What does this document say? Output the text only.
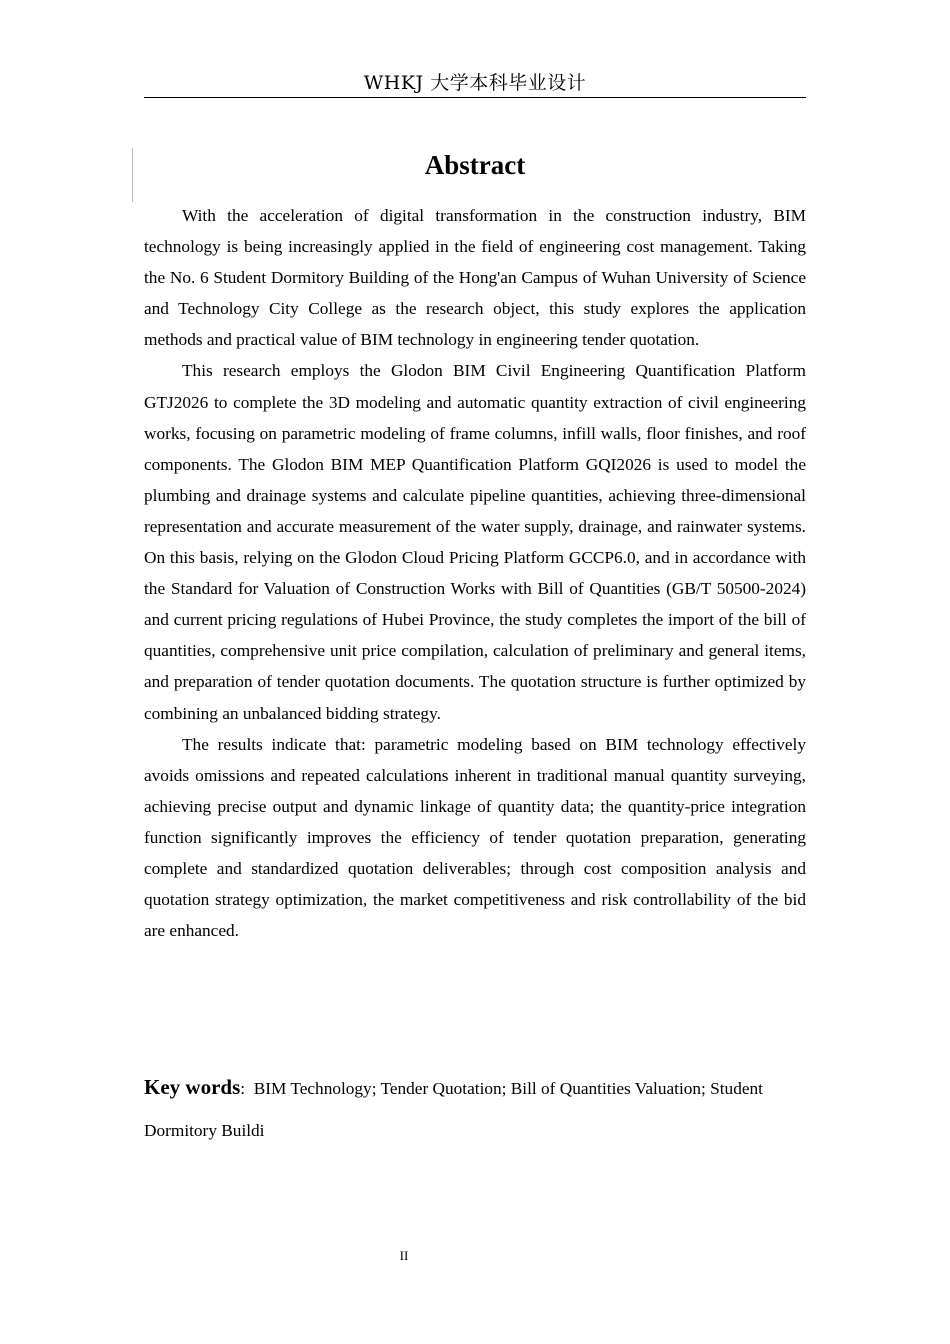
WHKJ 大学本科毕业设计
Abstract

With the acceleration of digital transformation in the construction industry, BIM technology is being increasingly applied in the field of engineering cost management. Taking the No. 6 Student Dormitory Building of the Hong'an Campus of Wuhan University of Science and Technology City College as the research object, this study explores the application methods and practical value of BIM technology in engineering tender quotation.

This research employs the Glodon BIM Civil Engineering Quantification Platform GTJ2026 to complete the 3D modeling and automatic quantity extraction of civil engineering works, focusing on parametric modeling of frame columns, infill walls, floor finishes, and roof components. The Glodon BIM MEP Quantification Platform GQI2026 is used to model the plumbing and drainage systems and calculate pipeline quantities, achieving three-dimensional representation and accurate measurement of the water supply, drainage, and rainwater systems. On this basis, relying on the Glodon Cloud Pricing Platform GCCP6.0, and in accordance with the Standard for Valuation of Construction Works with Bill of Quantities (GB/T 50500-2024) and current pricing regulations of Hubei Province, the study completes the import of the bill of quantities, comprehensive unit price compilation, calculation of preliminary and general items, and preparation of tender quotation documents. The quotation structure is further optimized by combining an unbalanced bidding strategy.

The results indicate that: parametric modeling based on BIM technology effectively avoids omissions and repeated calculations inherent in traditional manual quantity surveying, achieving precise output and dynamic linkage of quantity data; the quantity-price integration function significantly improves the efficiency of tender quotation preparation, generating complete and standardized quotation deliverables; through cost composition analysis and quotation strategy optimization, the market competitiveness and risk controllability of the bid are enhanced.

Key words: BIM Technology; Tender Quotation; Bill of Quantities Valuation; Student Dormitory Buildi
II
